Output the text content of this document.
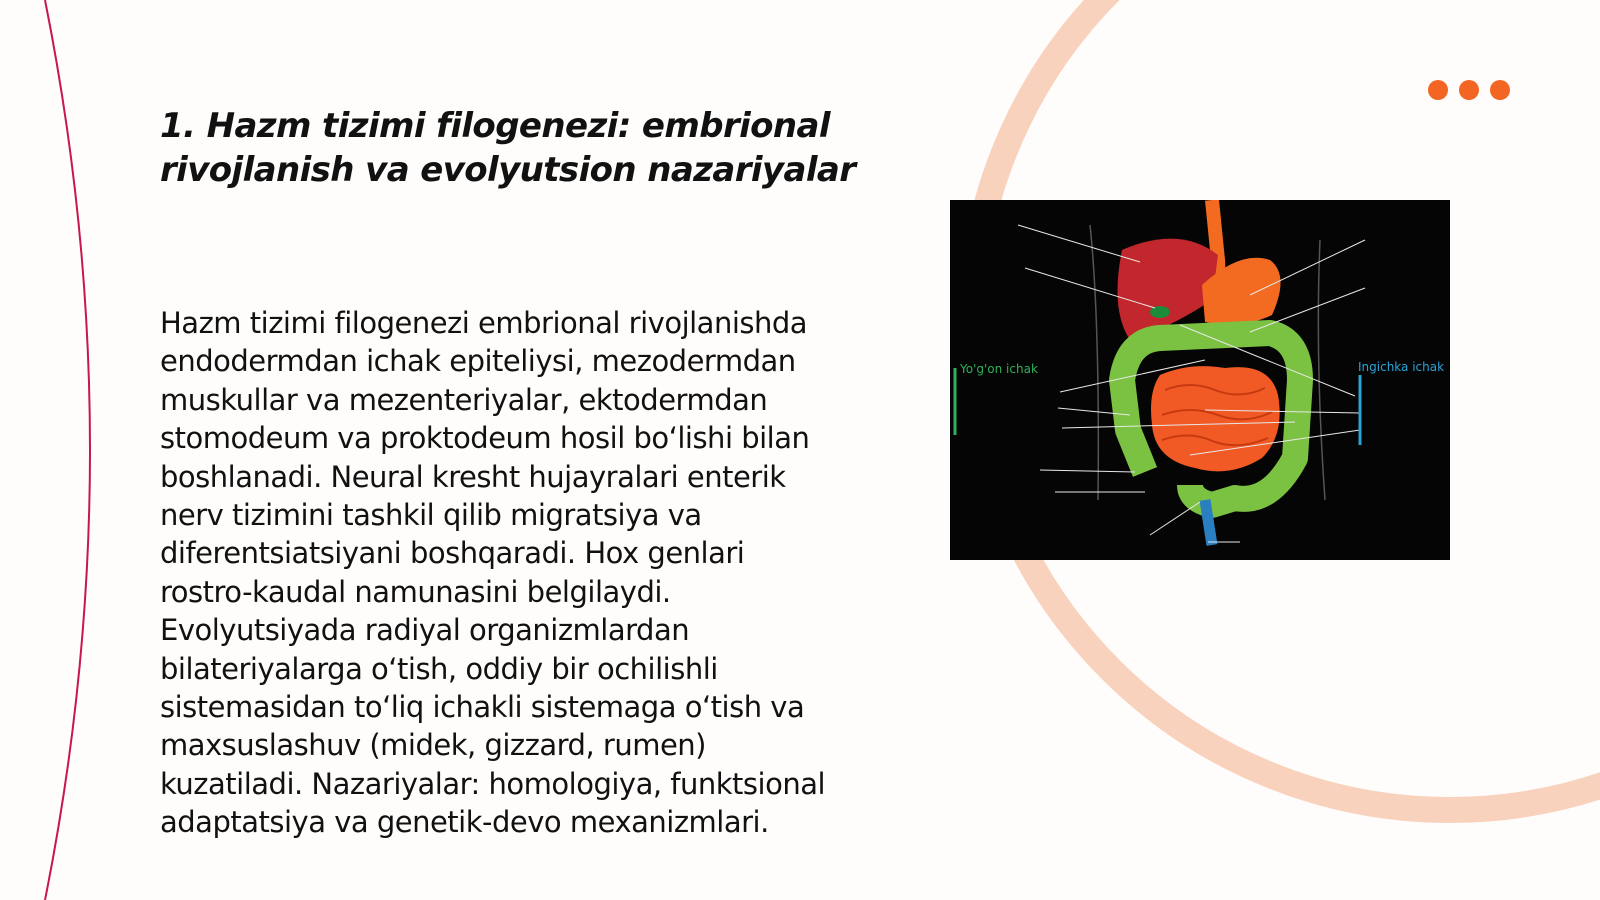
1. Hazm tizimi filogenezi: embrional rivojlanish va evolyutsion nazariyalar

Hazm tizimi filogenezi embrional rivojlanishda endodermdan ichak epiteliysi, mezodermdan muskullar va mezenteriyalar, ektodermdan stomodeum va proktodeum hosil bo‘lishi bilan boshlanadi. Neural kresht hujayralari enterik nerv tizimini tashkil qilib migratsiya va diferentsiatsiyani boshqaradi. Hox genlari rostro-kaudal namunasini belgilaydi. Evolyutsiyada radiyal organizmlardan bilateriyalarga o‘tish, oddiy bir ochilishli sistemasidan to‘liq ichakli sistemaga o‘tish va maxsuslashuv (midek, gizzard, rumen) kuzatiladi. Nazariyalar: homologiya, funktsional adaptatsiya va genetik-devo mexanizmlari.

Yo'g'on ichak	Ingichka ichak
